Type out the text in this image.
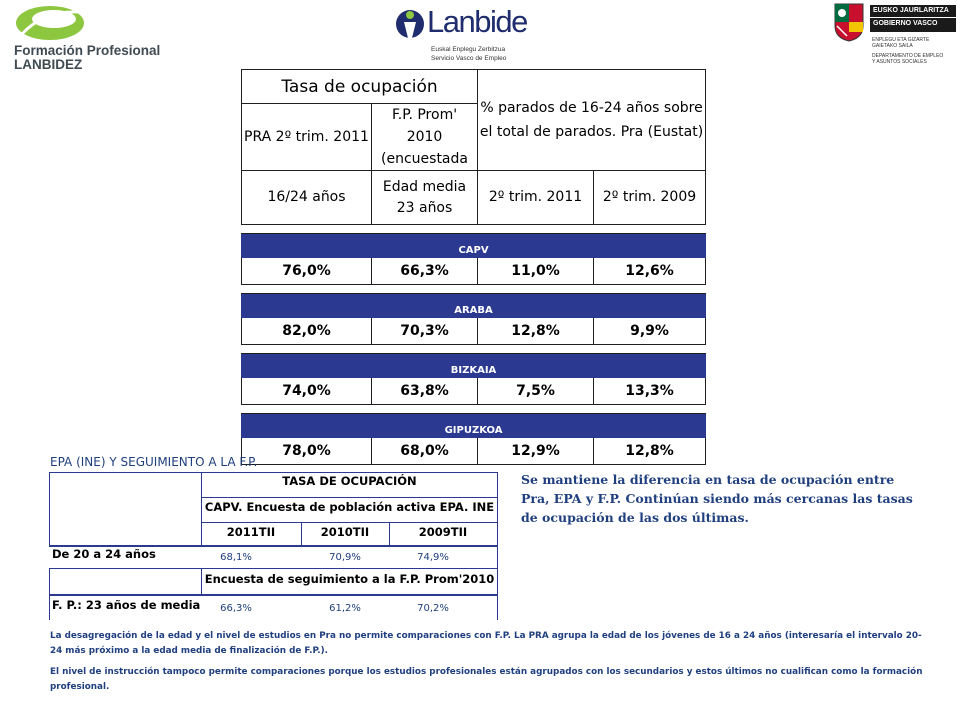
Formación Profesional
LANBIDEZ
Lanbide
Euskal Enplegu Zerbitzua
Servicio Vasco de Empleo
EUSKO JAURLARITZA
GOBIERNO VASCO
ENPLEGU ETA GIZARTE
GAIETAKO SAILA
DEPARTAMENTO DE EMPLEO
Y ASUNTOS SOCIALES
Tasa de ocupación		% parados de 16-24 años sobre el total de parados. Pra (Eustat)	
PRA 2º trim. 2011	F.P. Prom' 2010 (encuestada		
16/24 años	Edad media 23 años	2º trim. 2011	2º trim. 2009

CAPV			
76,0%	66,3%	11,0%	12,6%

ARABA			
82,0%	70,3%	12,8%	9,9%

BIZKAIA			
74,0%	63,8%	7,5%	13,3%

GIPUZKOA			
78,0%	68,0%	12,9%	12,8%
EPA (INE) Y SEGUIMIENTO A LA F.P.
TASA DE OCUPACIÓN
CAPV. Encuesta de población activa EPA. INE
2011TII	2010TII	2009TII
De 20 a 24 años	68,1%	70,9%	74,9%
Encuesta de seguimiento a la F.P. Prom'2010
F. P.: 23 años de media	66,3%	61,2%	70,2%
Se mantiene la diferencia en tasa de ocupación entre Pra, EPA y F.P. Continúan siendo más cercanas las tasas de ocupación de las dos últimas.
La desagregación de la edad y el nivel de estudios en Pra no permite comparaciones con F.P. La PRA agrupa la edad de los jóvenes de 16 a 24 años (interesaría el intervalo 20-24 más próximo a la edad media de finalización de F.P.).
El nivel de instrucción tampoco permite comparaciones porque los estudios profesionales están agrupados con los secundarios y estos últimos no cualifican como la formación profesional.
